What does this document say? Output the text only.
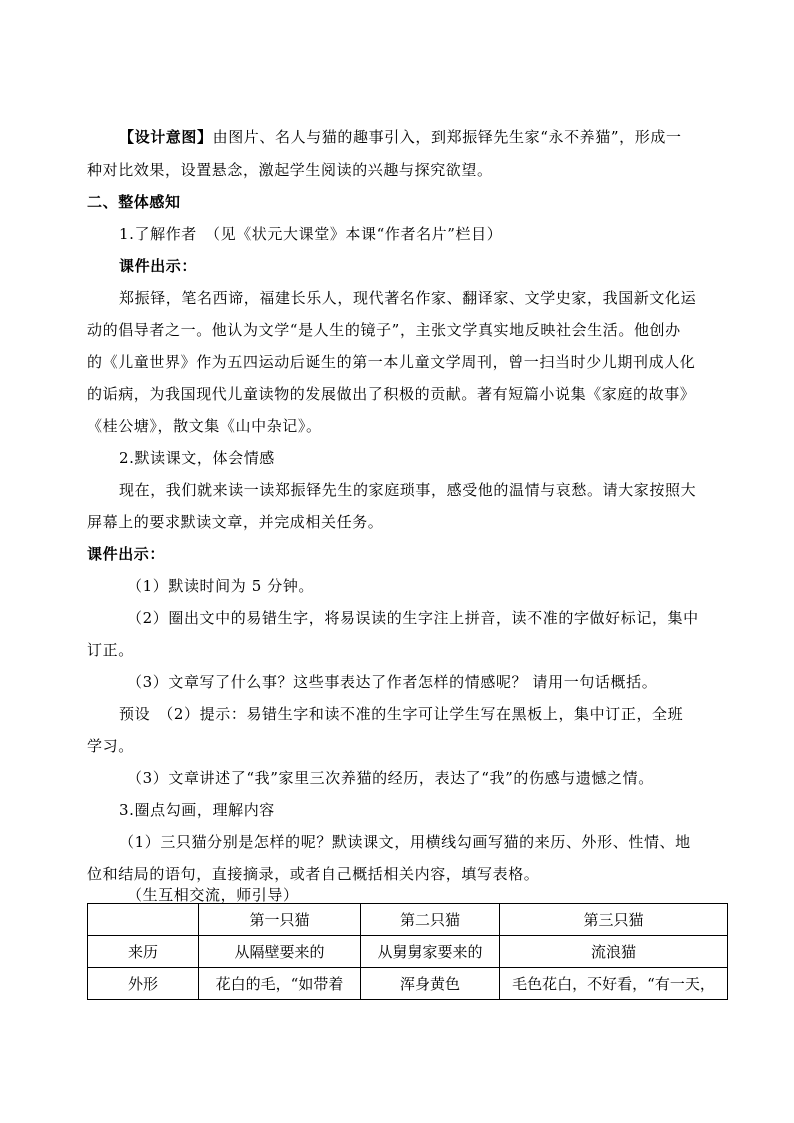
【设计意图】由图片、名人与猫的趣事引入，到郑振铎先生家“永不养猫”，形成一
种对比效果，设置悬念，激起学生阅读的兴趣与探究欲望。
二、整体感知
1.了解作者　（见《状元大课堂》本课“作者名片”栏目）
课件出示：
郑振铎，笔名西谛，福建长乐人，现代著名作家、翻译家、文学史家，我国新文化运
动的倡导者之一。他认为文学“是人生的镜子”，主张文学真实地反映社会生活。他创办
的《儿童世界》作为五四运动后诞生的第一本儿童文学周刊，曾一扫当时少儿期刊成人化
的诟病，为我国现代儿童读物的发展做出了积极的贡献。著有短篇小说集《家庭的故事》
《桂公塘》，散文集《山中杂记》。
2.默读课文，体会情感
现在，我们就来读一读郑振铎先生的家庭琐事，感受他的温情与哀愁。请大家按照大
屏幕上的要求默读文章，并完成相关任务。
课件出示：
（1）默读时间为 5 分钟。
（2）圈出文中的易错生字，将易误读的生字注上拼音，读不准的字做好标记，集中
订正。
（3）文章写了什么事？这些事表达了作者怎样的情感呢？ 请用一句话概括。
预设　（2）提示：易错生字和读不准的生字可让学生写在黑板上，集中订正，全班
学习。
（3）文章讲述了“我”家里三次养猫的经历，表达了“我”的伤感与遗憾之情。
3.圈点勾画，理解内容
（1）三只猫分别是怎样的呢？默读课文，用横线勾画写猫的来历、外形、性情、地
位和结局的语句，直接摘录，或者自己概括相关内容，填写表格。
（生互相交流，师引导）
	第一只猫	第二只猫	第三只猫
来历	从隔壁要来的	从舅舅家要来的	流浪猫
外形	花白的毛，“如带着	浑身黄色	毛色花白，不好看，“有一天，
